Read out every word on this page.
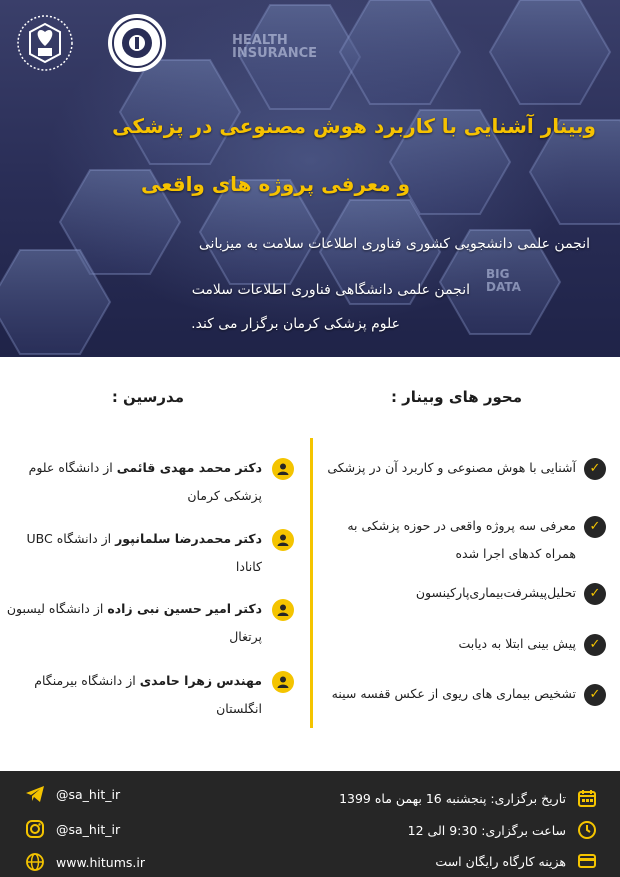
BIG
DATA
HEALTH
INSURANCE
وبینار آشنایی با کاربرد هوش مصنوعی در پزشکی
و معرفی پروژه های واقعی
انجمن علمی دانشجویی کشوری فناوری اطلاعات سلامت به میزبانی
انجمن علمی دانشگاهی فناوری اطلاعات سلامت
علوم پزشکی کرمان برگزار می کند.
محور های وبینار :
مدرسین :
✓
آشنایی با هوش مصنوعی و کاربرد آن در پزشکی
✓
معرفی سه پروژه واقعی در حوزه پزشکی به همراه کدهای اجرا شده
✓
تحلیل‌پیشرفت‌بیماری‌پارکینسون
✓
پیش بینی ابتلا به دیابت
✓
تشخیص بیماری های ریوی از عکس قفسه سینه
دکتر محمد مهدی قائمی از دانشگاه علوم پزشکی کرمان
دکتر محمدرضا سلمانپور از دانشگاه UBC کانادا
دکتر امیر حسین نبی زاده از دانشگاه لیسبون پرتغال
مهندس زهرا حامدی از دانشگاه بیرمنگام انگلستان
تاریخ برگزاری: پنجشنبه 16 بهمن ماه 1399
ساعت برگزاری: 9:30 الی 12
هزینه کارگاه رایگان است
@sa_hit_ir
@sa_hit_ir
www.hitums.ir
